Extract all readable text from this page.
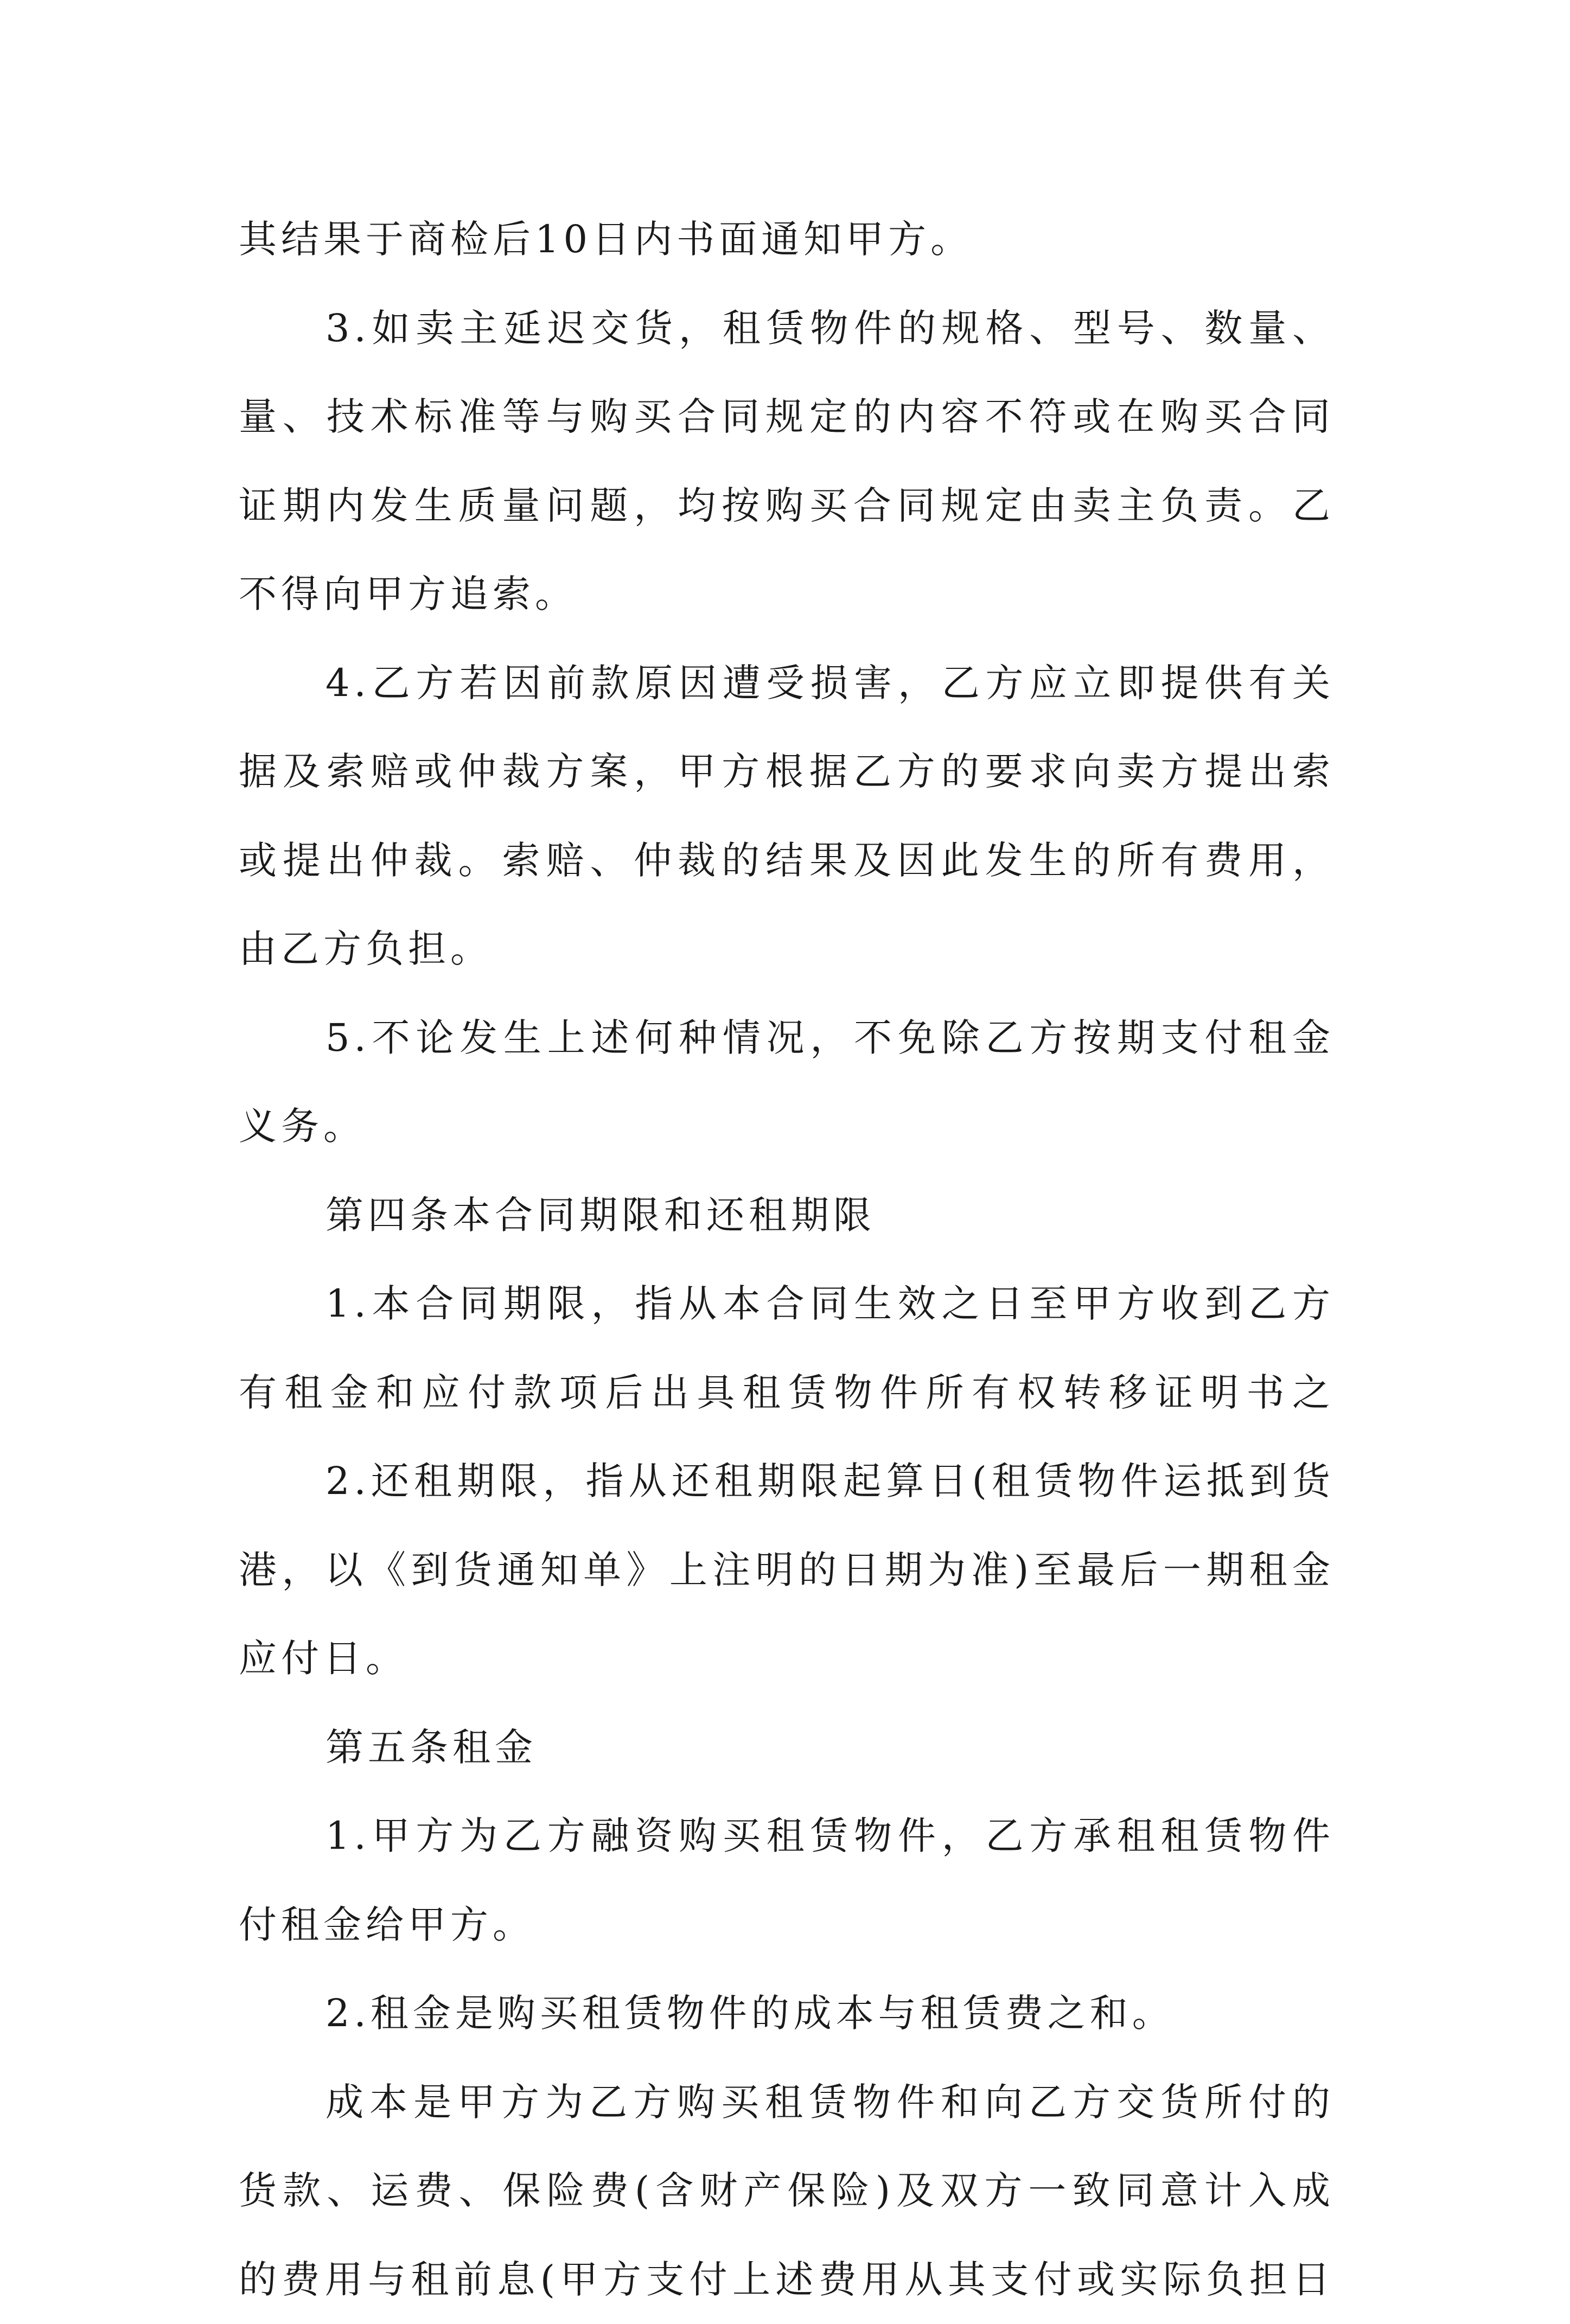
其结果于商检后10日内书面通知甲方。
3.如卖主延迟交货，租赁物件的规格、型号、数量、
量、技术标准等与购买合同规定的内容不符或在购买合同
证期内发生质量问题，均按购买合同规定由卖主负责。乙
不得向甲方追索。
4.乙方若因前款原因遭受损害，乙方应立即提供有关
据及索赔或仲裁方案，甲方根据乙方的要求向卖方提出索
或提出仲裁。索赔、仲裁的结果及因此发生的所有费用，
由乙方负担。
5.不论发生上述何种情况，不免除乙方按期支付租金
义务。
第四条本合同期限和还租期限
1.本合同期限，指从本合同生效之日至甲方收到乙方
有租金和应付款项后出具租赁物件所有权转移证明书之
2.还租期限，指从还租期限起算日(租赁物件运抵到货
港，以《到货通知单》上注明的日期为准)至最后一期租金
应付日。
第五条租金
1.甲方为乙方融资购买租赁物件，乙方承租租赁物件
付租金给甲方。
2.租金是购买租赁物件的成本与租赁费之和。
成本是甲方为乙方购买租赁物件和向乙方交货所付的
货款、运费、保险费(含财产保险)及双方一致同意计入成
的费用与租前息(甲方支付上述费用从其支付或实际负担日
